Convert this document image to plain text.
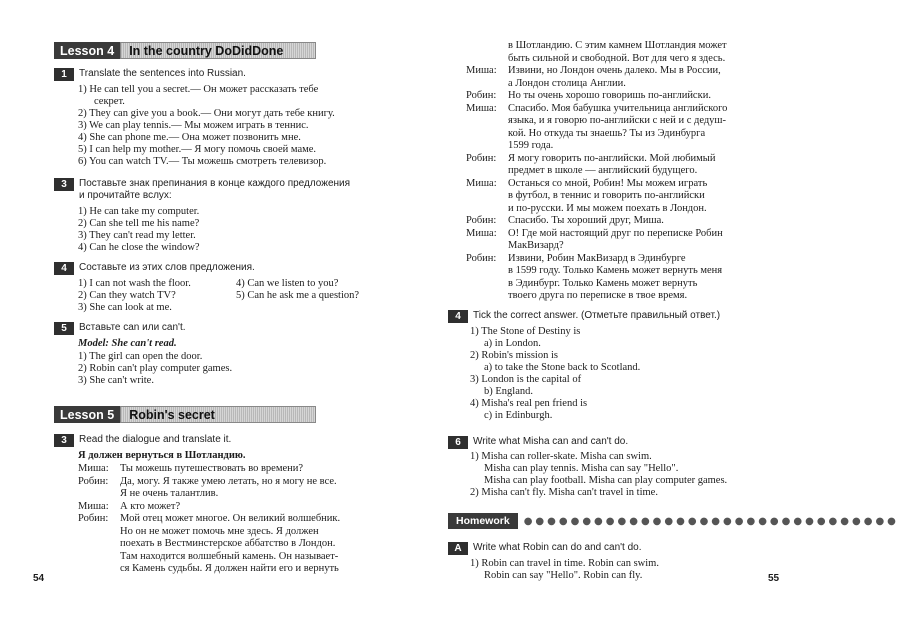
Lesson 4	In the country DoDidDone
1	Translate the sentences into Russian.
1) He can tell you a secret.— Он может рассказать тебе
секрет.
2) They can give you a book.— Они могут дать тебе книгу.
3) We can play tennis.— Мы можем играть в теннис.
4) She can phone me.— Она может позвонить мне.
5) I can help my mother.— Я могу помочь своей маме.
6) You can watch TV.— Ты можешь смотреть телевизор.
3	Поставьте знак препинания в конце каждого предложения
и прочитайте вслух:
1) He can take my computer.
2) Can she tell me his name?
3) They can't read my letter.
4) Can he close the window?
4	Составьте из этих слов предложения.
1) I can not wash the floor.
2) Can they watch TV?
3) She can look at me.
4) Can we listen to you?
5) Can he ask me a question?
5	Вставьте can или can't.
Model: She can't read.
1) The girl can open the door.
2) Robin can't play computer games.
3) She can't write.
Lesson 5	Robin's secret
3	Read the dialogue and translate it.
Я должен вернуться в Шотландию.
Миша:	Ты можешь путешествовать во времени?
Робин:	Да, могу. Я также умею летать, но я могу не все.
Я не очень талантлив.
Миша:	А кто может?
Робин:	Мой отец может многое. Он великий волшебник.
Но он не может помочь мне здесь. Я должен
поехать в Вестминстерское аббатство в Лондон.
Там находится волшебный камень. Он называет-
ся Камень судьбы. Я должен найти его и вернуть
54
в Шотландию. С этим камнем Шотландия может
быть сильной и свободной. Вот для чего я здесь.
Миша:	Извини, но Лондон очень далеко. Мы в России,
а Лондон столица Англии.
Робин:	Но ты очень хорошо говоришь по-английски.
Миша:	Спасибо. Моя бабушка учительница английского
языка, и я говорю по-английски с ней и с дедуш-
кой. Но откуда ты знаешь? Ты из Эдинбурга
1599 года.
Робин:	Я могу говорить по-английски. Мой любимый
предмет в школе — английский будущего.
Миша:	Останься со мной, Робин! Мы можем играть
в футбол, в теннис и говорить по-английски
и по-русски. И мы можем поехать в Лондон.
Робин:	Спасибо. Ты хороший друг, Миша.
Миша:	О! Где мой настоящий друг по переписке Робин
МакВизард?
Робин:	Извини, Робин МакВизард в Эдинбурге
в 1599 году. Только Камень может вернуть меня
в Эдинбург. Только Камень может вернуть
твоего друга по переписке в твое время.
4	Tick the correct answer. (Отметьте правильный ответ.)
1) The Stone of Destiny is
a) in London.
2) Robin's mission is
a) to take the Stone back to Scotland.
3) London is the capital of
b) England.
4) Misha's real pen friend is
c) in Edinburgh.
6	Write what Misha can and can't do.
1) Misha can roller-skate. Misha can swim.
Misha can play tennis. Misha can say "Hello".
Misha can play football. Misha can play computer games.
2) Misha can't fly. Misha can't travel in time.
Homework	●●●●●●●●●●●●●●●●●●●●●●●●●●●●●●●●
A	Write what Robin can do and can't do.
1) Robin can travel in time. Robin can swim.
Robin can say "Hello". Robin can fly.	55
